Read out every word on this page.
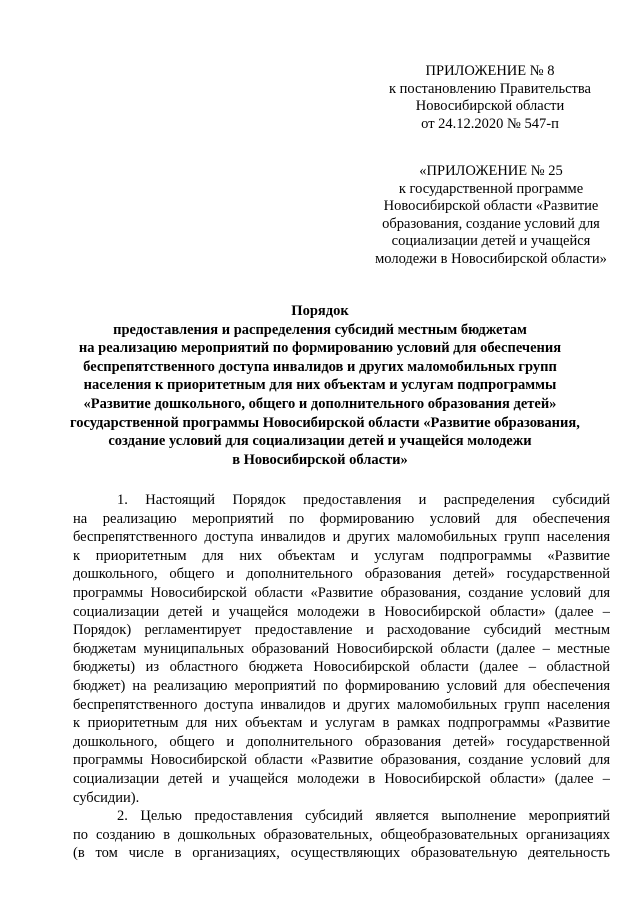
ПРИЛОЖЕНИЕ № 8
к постановлению Правительства
Новосибирской области
от 24.12.2020 № 547-п
«ПРИЛОЖЕНИЕ № 25
к государственной программе
Новосибирской области «Развитие
образования, создание условий для
социализации детей и учащейся
молодежи в Новосибирской области»
Порядок
предоставления и распределения субсидий местным бюджетам
на реализацию мероприятий по формированию условий для обеспечения
беспрепятственного доступа инвалидов и других маломобильных групп
населения к приоритетным для них объектам и услугам подпрограммы
«Развитие дошкольного, общего и дополнительного образования детей»
государственной программы Новосибирской области «Развитие образования,
создание условий для социализации детей и учащейся молодежи
в Новосибирской области»
1. Настоящий Порядок предоставления и распределения субсидий
на реализацию мероприятий по формированию условий для обеспечения
беспрепятственного доступа инвалидов и других маломобильных групп населения
к приоритетным для них объектам и услугам подпрограммы «Развитие
дошкольного, общего и дополнительного образования детей» государственной
программы Новосибирской области «Развитие образования, создание условий для
социализации детей и учащейся молодежи в Новосибирской области» (далее –
Порядок) регламентирует предоставление и расходование субсидий местным
бюджетам муниципальных образований Новосибирской области (далее – местные
бюджеты) из областного бюджета Новосибирской области (далее – областной
бюджет) на реализацию мероприятий по формированию условий для обеспечения
беспрепятственного доступа инвалидов и других маломобильных групп населения
к приоритетным для них объектам и услугам в рамках подпрограммы «Развитие
дошкольного, общего и дополнительного образования детей» государственной
программы Новосибирской области «Развитие образования, создание условий для
социализации детей и учащейся молодежи в Новосибирской области» (далее –
субсидии).
2. Целью предоставления субсидий является выполнение мероприятий
по созданию в дошкольных образовательных, общеобразовательных организациях
(в том числе в организациях, осуществляющих образовательную деятельность
